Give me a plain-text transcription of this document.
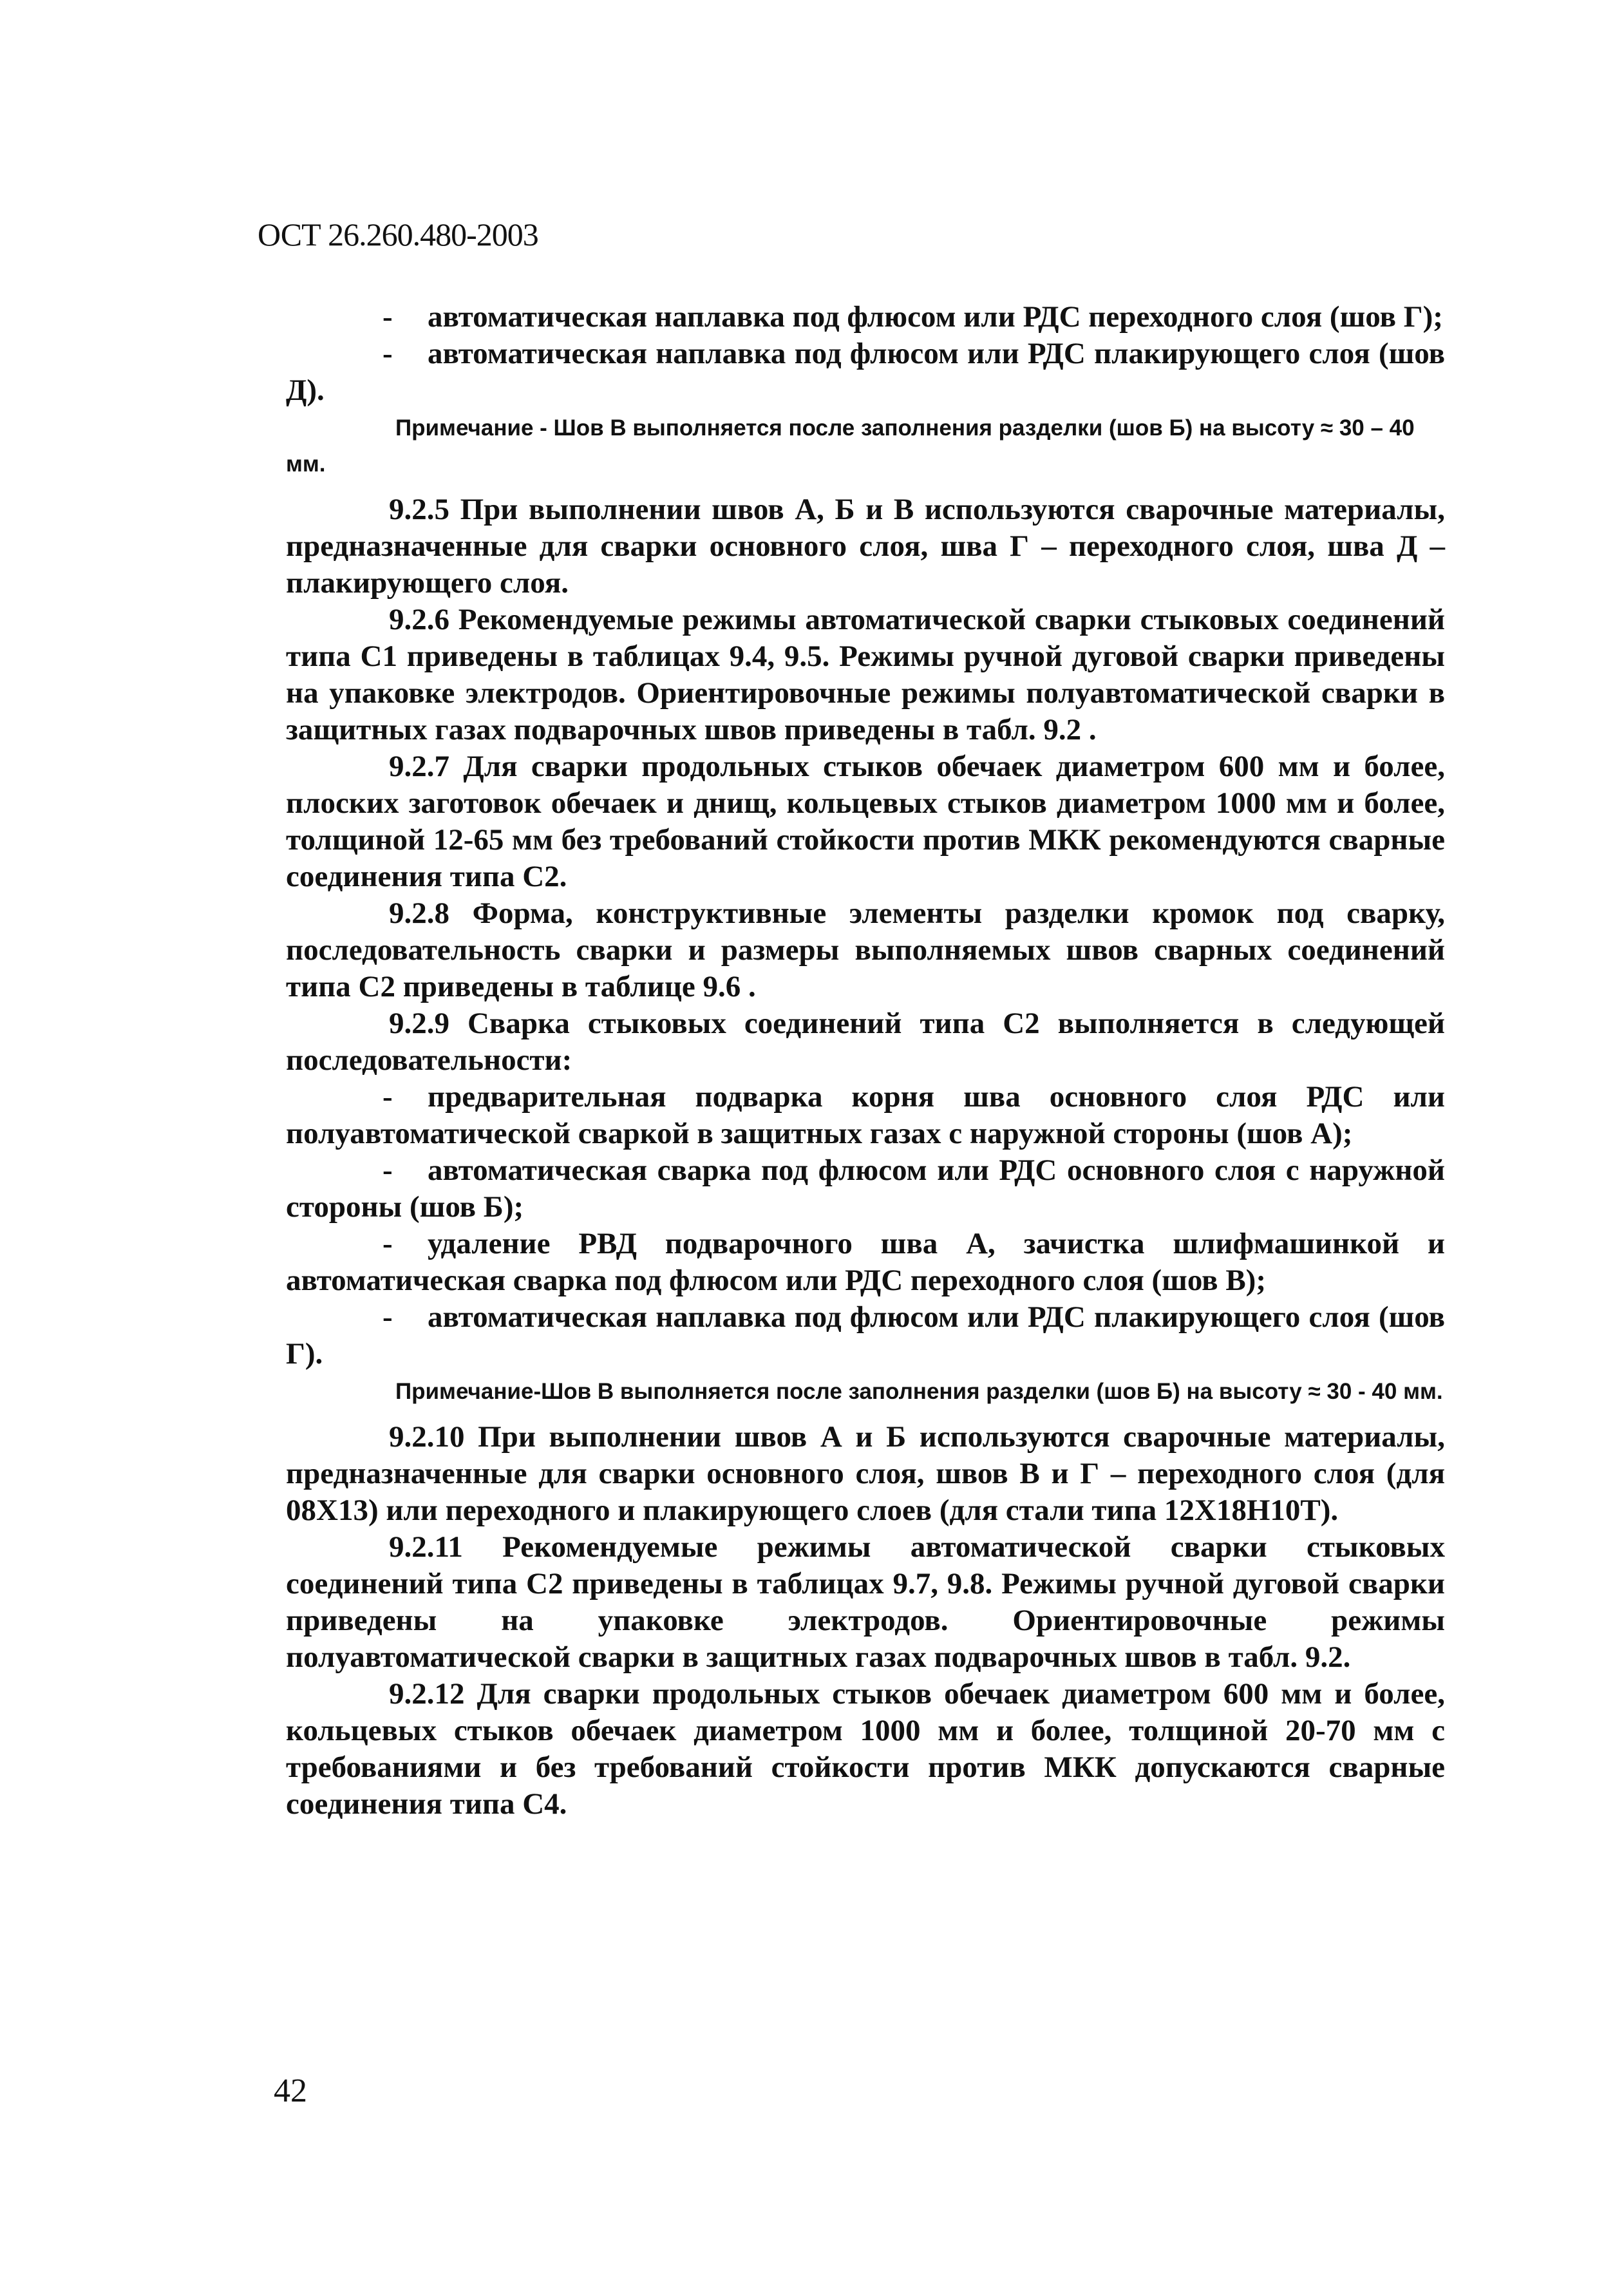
ОСТ 26.260.480-2003

- автоматическая наплавка под флюсом или РДС переходного слоя (шов Г);

- автоматическая наплавка под флюсом или РДС плакирующего слоя (шов Д).

Примечание - Шов В выполняется после заполнения разделки (шов Б) на высоту ≈ 30 – 40 мм.

9.2.5 При выполнении швов А, Б и В используются сварочные материалы, предназначенные для сварки основного слоя, шва Г – переходного слоя, шва Д – плакирующего слоя.

9.2.6 Рекомендуемые режимы автоматической сварки стыковых соединений типа С1 приведены в таблицах 9.4, 9.5. Режимы ручной дуговой сварки приведены на упаковке электродов. Ориентировочные режимы полуавтоматической сварки в защитных газах подварочных швов приведены в табл. 9.2 .

9.2.7 Для сварки продольных стыков обечаек диаметром 600 мм и более, плоских заготовок обечаек и днищ, кольцевых стыков диаметром 1000 мм и более, толщиной 12-65 мм без требований стойкости против МКК рекомендуются сварные соединения типа С2.

9.2.8 Форма, конструктивные элементы разделки кромок под сварку, последовательность сварки и размеры выполняемых швов сварных соединений типа С2 приведены в таблице 9.6 .

9.2.9 Сварка стыковых соединений типа С2 выполняется в следующей последовательности:

- предварительная подварка корня шва основного слоя РДС или полуавтоматической сваркой в защитных газах с наружной стороны (шов А);

- автоматическая сварка под флюсом или РДС основного слоя с наружной стороны (шов Б);

- удаление РВД подварочного шва А, зачистка шлифмашинкой и автоматическая сварка под флюсом или РДС переходного слоя (шов В);

- автоматическая наплавка под флюсом или РДС плакирующего слоя (шов Г).

Примечание-Шов В выполняется после заполнения разделки (шов Б) на высоту ≈ 30 - 40 мм.

9.2.10 При выполнении швов А и Б используются сварочные материалы, предназначенные для сварки основного слоя, швов В и Г – переходного слоя (для 08Х13) или переходного и плакирующего слоев (для стали типа 12Х18Н10Т).

9.2.11 Рекомендуемые режимы автоматической сварки стыковых соединений типа С2 приведены в таблицах 9.7, 9.8. Режимы ручной дуговой сварки приведены на упаковке электродов. Ориентировочные режимы полуавтоматической сварки в защитных газах подварочных швов в табл. 9.2.

9.2.12 Для сварки продольных стыков обечаек диаметром 600 мм и более, кольцевых стыков обечаек диаметром 1000 мм и более, толщиной 20-70 мм с требованиями и без требований стойкости против МКК допускаются сварные соединения типа С4.

42
